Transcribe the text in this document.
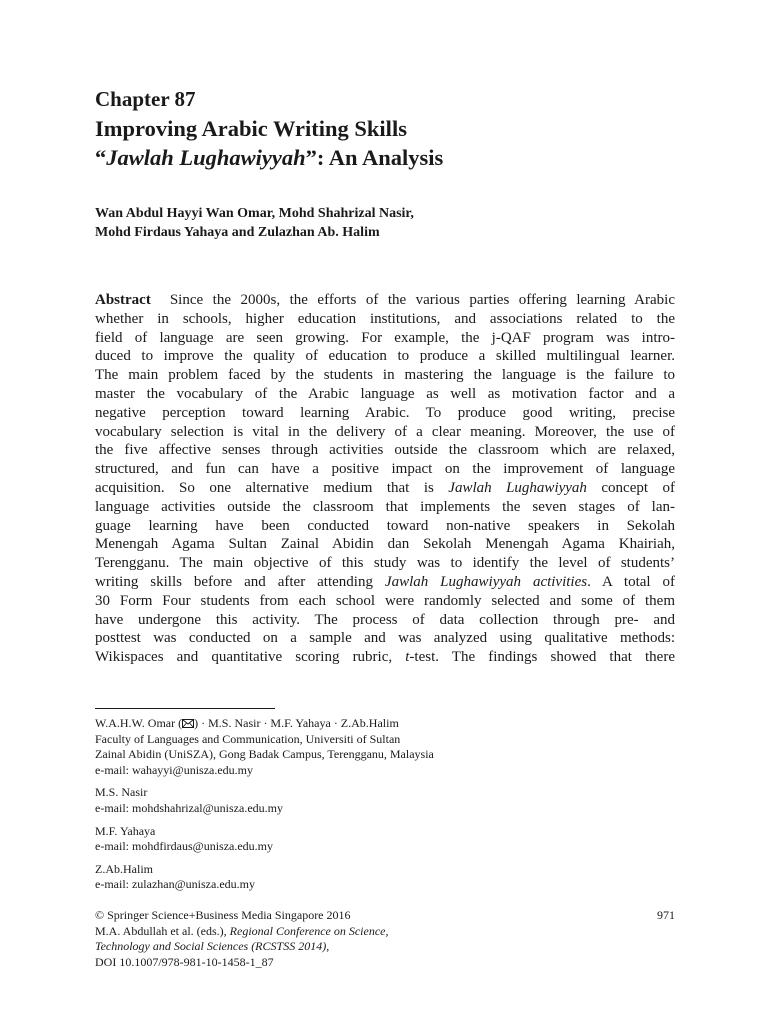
Chapter 87
Improving Arabic Writing Skills
“Jawlah Lughawiyyah”: An Analysis
Wan Abdul Hayyi Wan Omar, Mohd Shahrizal Nasir,
Mohd Firdaus Yahaya and Zulazhan Ab. Halim
Abstract Since the 2000s, the efforts of the various parties offering learning Arabic
whether in schools, higher education institutions, and associations related to the
field of language are seen growing. For example, the j-QAF program was intro-
duced to improve the quality of education to produce a skilled multilingual learner.
The main problem faced by the students in mastering the language is the failure to
master the vocabulary of the Arabic language as well as motivation factor and a
negative perception toward learning Arabic. To produce good writing, precise
vocabulary selection is vital in the delivery of a clear meaning. Moreover, the use of
the five affective senses through activities outside the classroom which are relaxed,
structured, and fun can have a positive impact on the improvement of language
acquisition. So one alternative medium that is Jawlah Lughawiyyah concept of
language activities outside the classroom that implements the seven stages of lan-
guage learning have been conducted toward non-native speakers in Sekolah
Menengah Agama Sultan Zainal Abidin dan Sekolah Menengah Agama Khairiah,
Terengganu. The main objective of this study was to identify the level of students’
writing skills before and after attending Jawlah Lughawiyyah activities. A total of
30 Form Four students from each school were randomly selected and some of them
have undergone this activity. The process of data collection through pre- and
posttest was conducted on a sample and was analyzed using qualitative methods:
Wikispaces and quantitative scoring rubric, t-test. The findings showed that there
W.A.H.W. Omar ( ) · M.S. Nasir · M.F. Yahaya · Z.Ab.Halim
Faculty of Languages and Communication, Universiti of Sultan
Zainal Abidin (UniSZA), Gong Badak Campus, Terengganu, Malaysia
e-mail: wahayyi@unisza.edu.my
M.S. Nasir
e-mail: mohdshahrizal@unisza.edu.my
M.F. Yahaya
e-mail: mohdfirdaus@unisza.edu.my
Z.Ab.Halim
e-mail: zulazhan@unisza.edu.my
© Springer Science+Business Media Singapore 2016
M.A. Abdullah et al. (eds.), Regional Conference on Science,
Technology and Social Sciences (RCSTSS 2014),
DOI 10.1007/978-981-10-1458-1_87
971
